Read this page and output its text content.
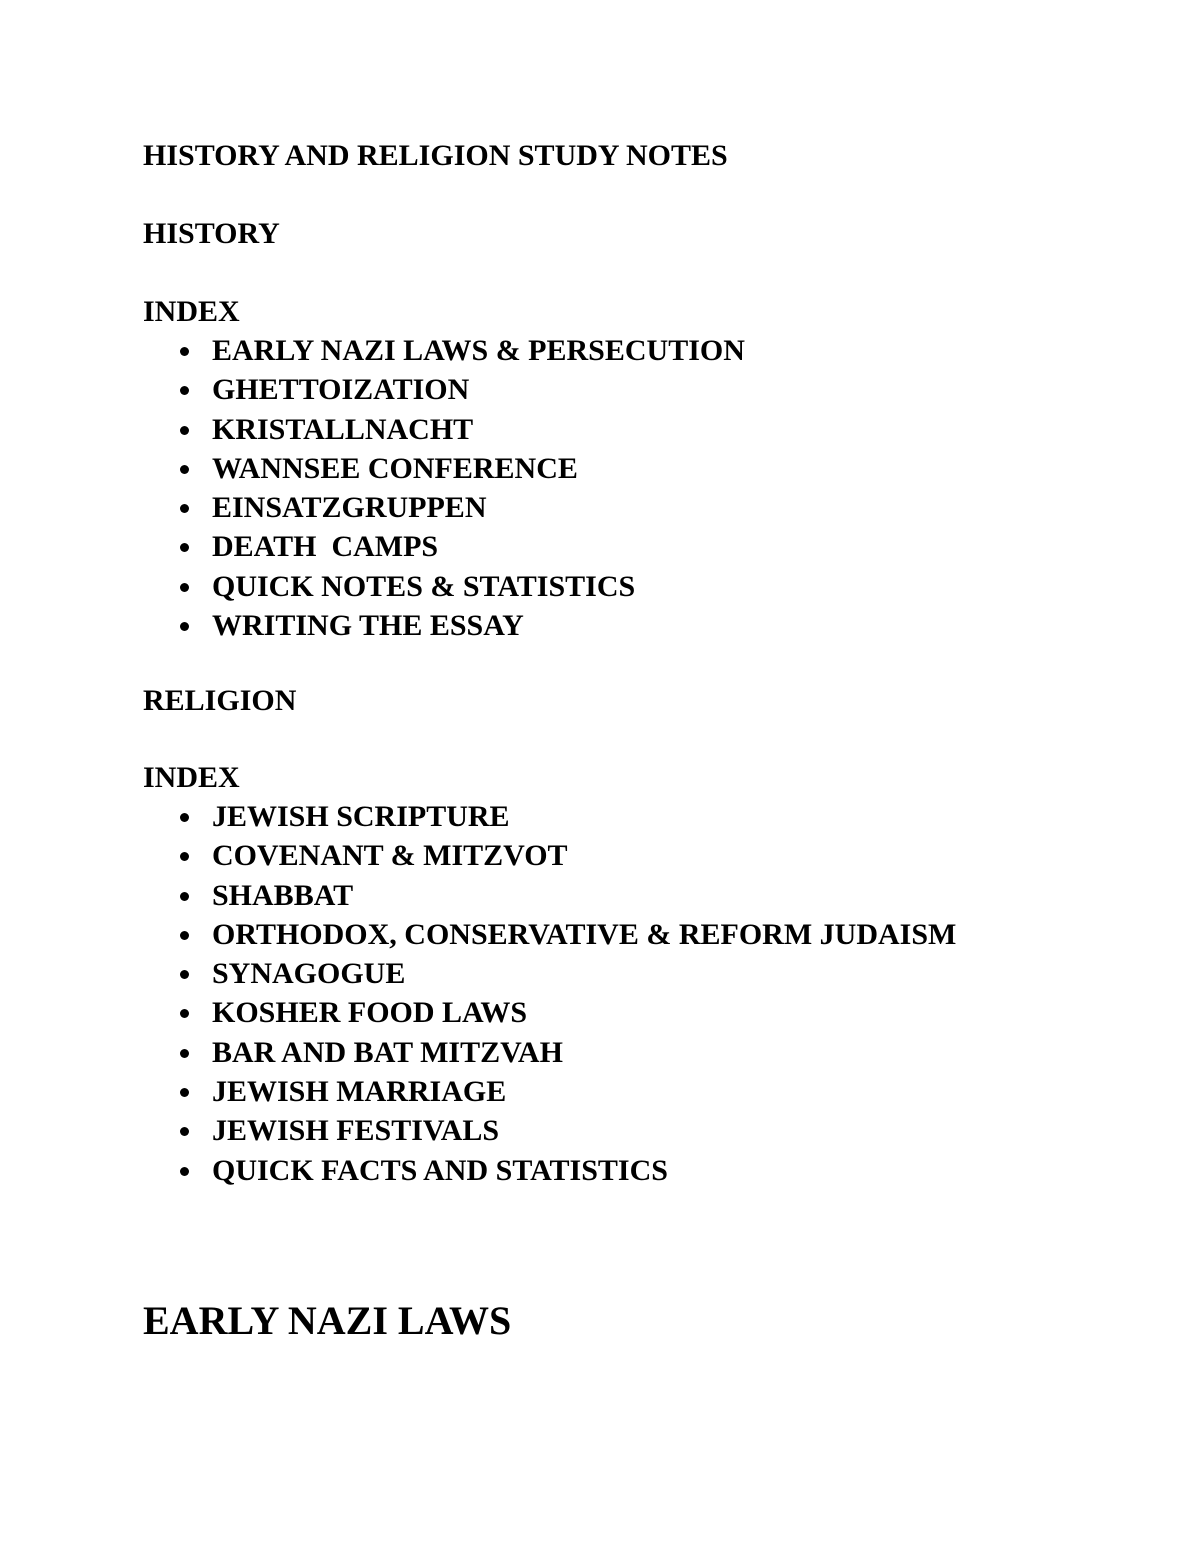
HISTORY AND RELIGION STUDY NOTES
HISTORY
INDEX
EARLY NAZI LAWS & PERSECUTION
GHETTOIZATION
KRISTALLNACHT
WANNSEE CONFERENCE
EINSATZGRUPPEN
DEATH  CAMPS
QUICK NOTES & STATISTICS
WRITING THE ESSAY
RELIGION
INDEX
JEWISH SCRIPTURE
COVENANT & MITZVOT
SHABBAT
ORTHODOX, CONSERVATIVE & REFORM JUDAISM
SYNAGOGUE
KOSHER FOOD LAWS
BAR AND BAT MITZVAH
JEWISH MARRIAGE
JEWISH FESTIVALS
QUICK FACTS AND STATISTICS
EARLY NAZI LAWS
